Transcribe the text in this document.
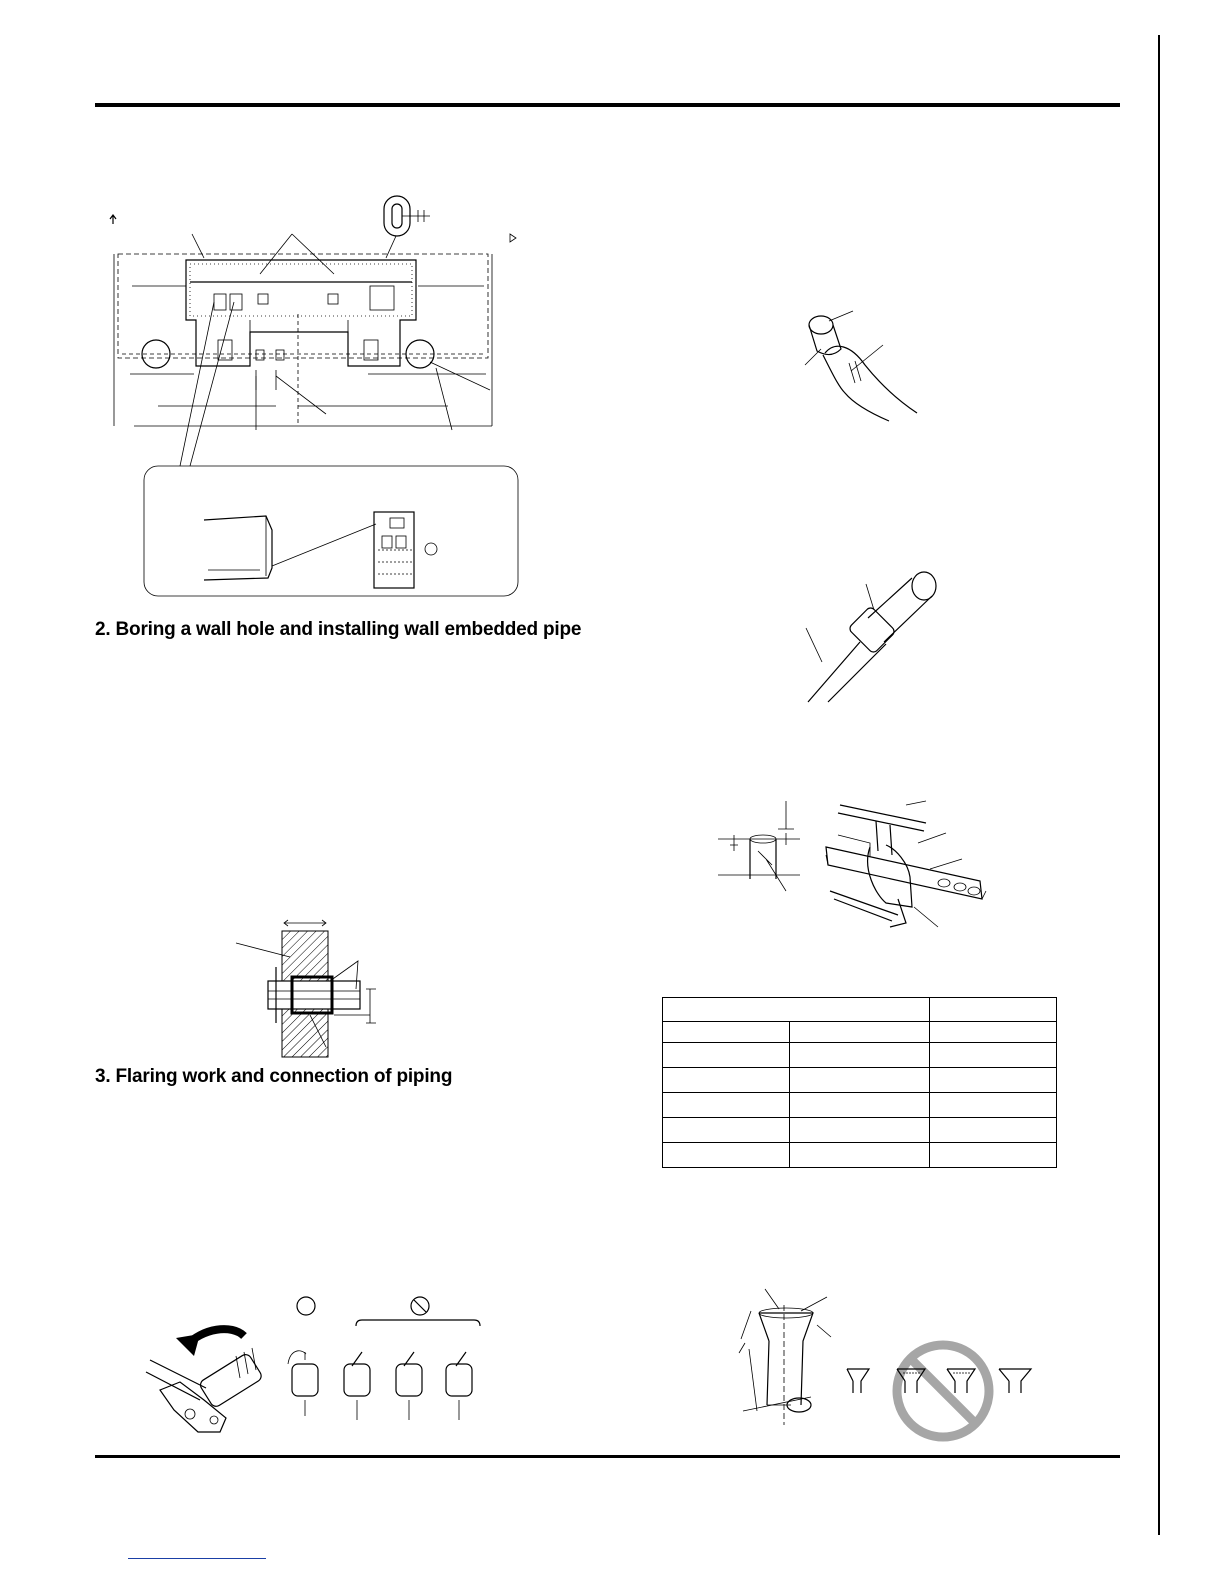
2. Boring a wall hole and installing wall embedded pipe
3. Flaring work and connection of piping
